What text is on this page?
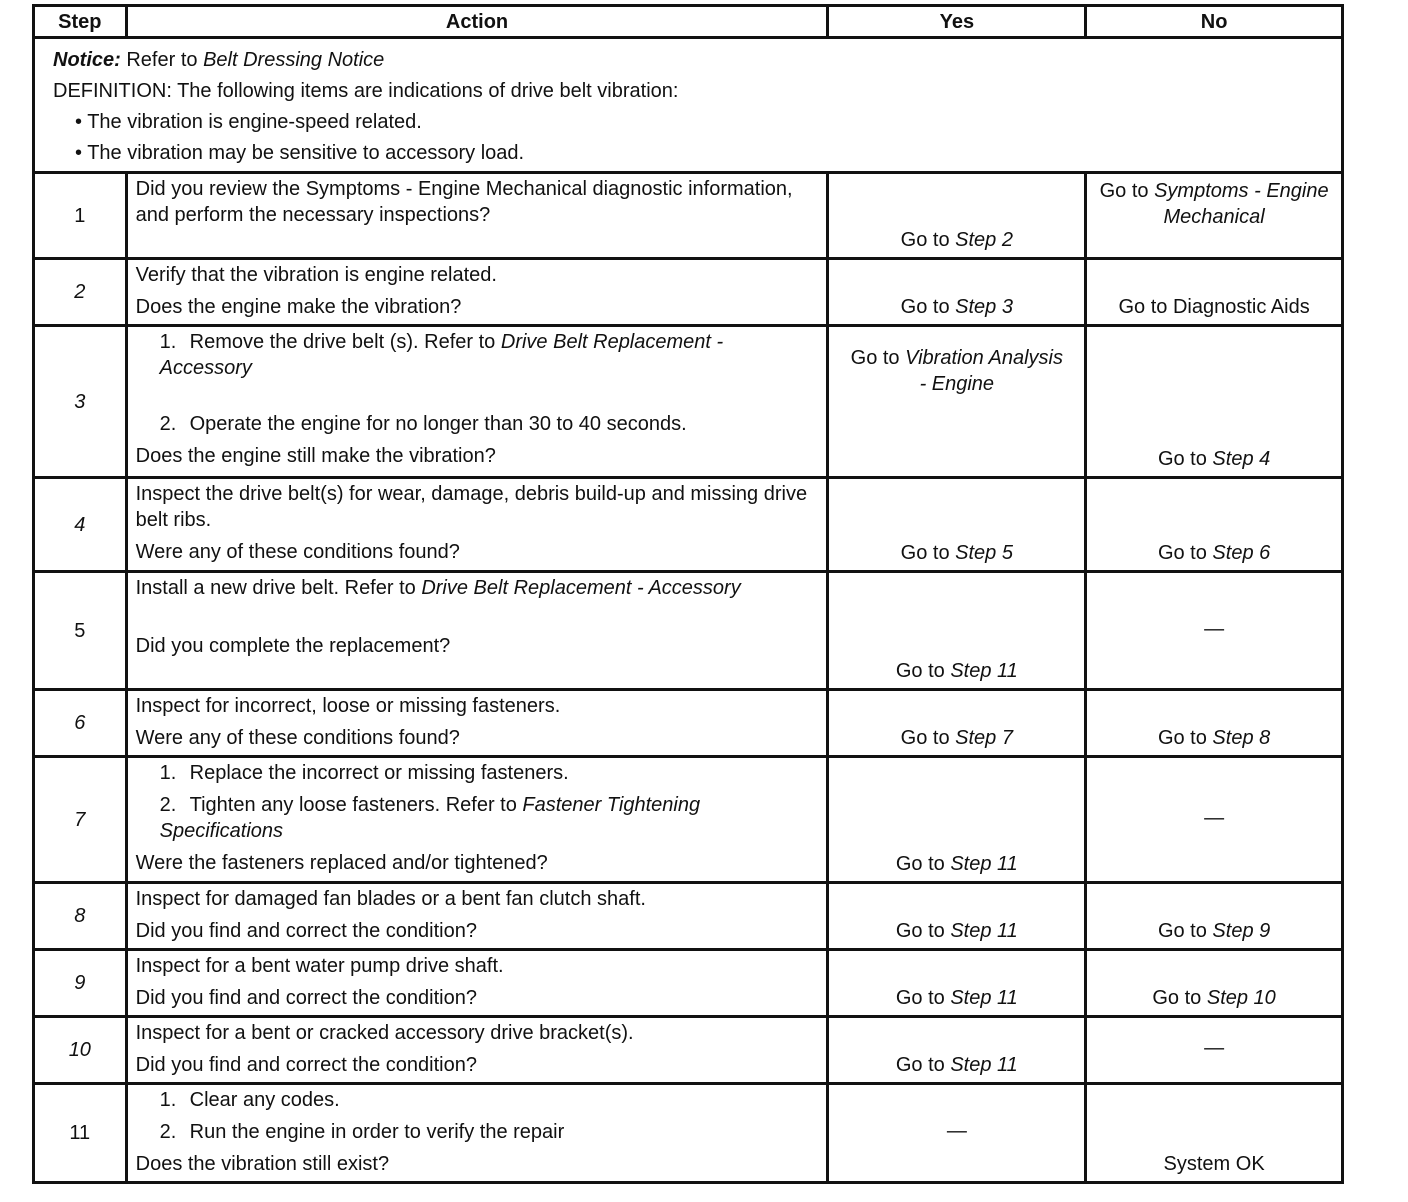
Step	Action	Yes	No

Notice: Refer to Belt Dressing Notice
DEFINITION: The following items are indications of drive belt vibration:
• The vibration is engine-speed related.
• The vibration may be sensitive to accessory load.			

1	Did you review the Symptoms - Engine Mechanical diagnostic information, and perform the necessary inspections?	Go to Step 2	Go to Symptoms - Engine Mechanical
2	Verify that the vibration is engine related.
Does the engine make the vibration?	Go to Step 3	Go to Diagnostic Aids
3	1. Remove the drive belt (s). Refer to Drive Belt Replacement - Accessory
2. Operate the engine for no longer than 30 to 40 seconds.
Does the engine still make the vibration?	Go to Vibration Analysis - Engine	Go to Step 4
4	Inspect the drive belt(s) for wear, damage, debris build-up and missing drive belt ribs.
Were any of these conditions found?	Go to Step 5	Go to Step 6
5	Install a new drive belt. Refer to Drive Belt Replacement - Accessory
Did you complete the replacement?	Go to Step 11	—
6	Inspect for incorrect, loose or missing fasteners.
Were any of these conditions found?	Go to Step 7	Go to Step 8
7	1. Replace the incorrect or missing fasteners.
2. Tighten any loose fasteners. Refer to Fastener Tightening Specifications
Were the fasteners replaced and/or tightened?	Go to Step 11	—
8	Inspect for damaged fan blades or a bent fan clutch shaft.
Did you find and correct the condition?	Go to Step 11	Go to Step 9
9	Inspect for a bent water pump drive shaft.
Did you find and correct the condition?	Go to Step 11	Go to Step 10
10	Inspect for a bent or cracked accessory drive bracket(s).
Did you find and correct the condition?	Go to Step 11	—
11	1. Clear any codes.
2. Run the engine in order to verify the repair
Does the vibration still exist?	—	System OK
